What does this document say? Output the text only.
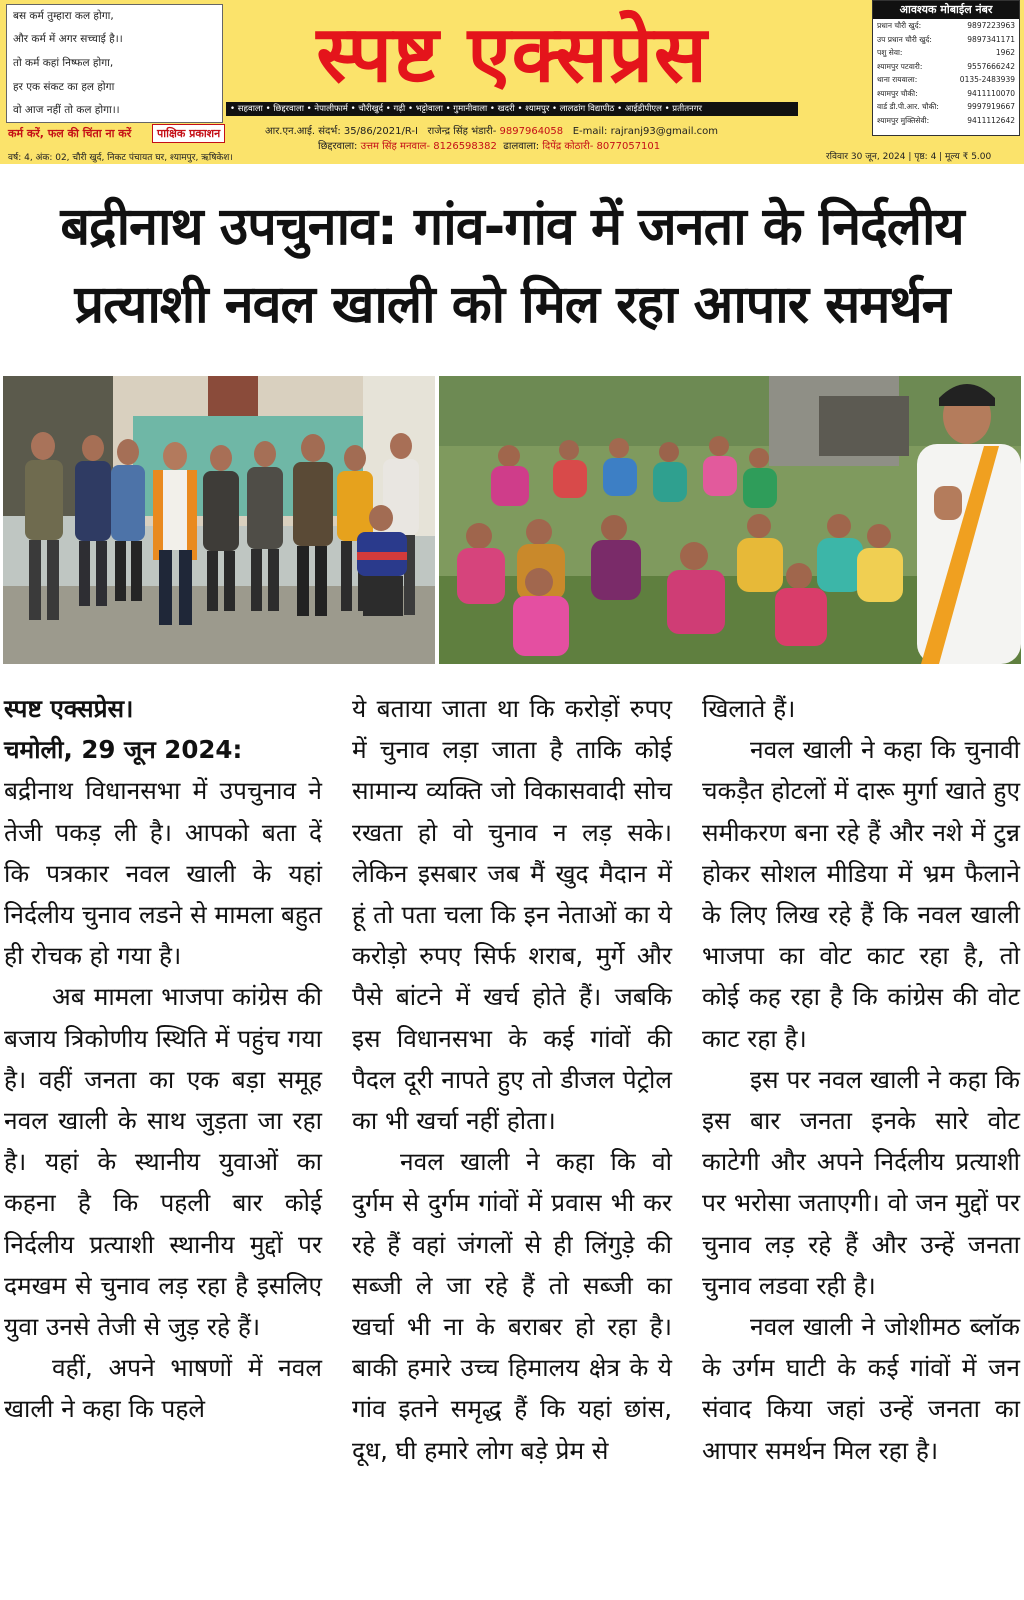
बस कर्म तुम्हारा कल होगा,
और कर्म में अगर सच्चाई है।।
तो कर्म कहां निष्फल होगा,
हर एक संकट का हल होगा
वो आज नहीं तो कल होगा।।
स्पष्ट एक्सप्रेस
• सहवाला • छिद्दरवाला • नेपालीफार्म • चौरीखुर्द • गढ़ी • भट्टोवाला • गुमानीवाला • खदरी • श्यामपुर • लालढांग विद्यापीठ • आईडीपीएल • प्रतीतनगर
कर्म करें, फल की चिंता ना करें	पाक्षिक प्रकाशन	आर.एन.आई. संदर्भ: 35/86/2021/R-I राजेन्द्र सिंह भंडारी- 9897964058 E-mail: rajranj93@gmail.com
छिद्दरवाला: उत्तम सिंह मनवाल- 8126598382 ढालवाला: दिपेंद्र कोठारी- 8077057101
वर्ष: 4, अंक: 02, चौरी खुर्द, निकट पंचायत घर, श्यामपुर, ऋषिकेश।	रविवार 30 जून, 2024 | पृष्ठ: 4 | मूल्य ₹ 5.00
आवश्यक मोबाईल नंबर
प्रधान चौरी खुर्द:	9897223963
उप प्रधान चौरी खुर्द:	9897341171
पशु सेवा:	1962
श्यामपुर पटवारी:	9557666242
थाना रायवाला:	0135-2483939
श्यामपुर चौकी:	9411110070
वार्ड डी.पी.आर. चौकी:	9997919667
श्यामपुर मुक्तिसेवी:	9411112642
बद्रीनाथ उपचुनाव: गांव-गांव में जनता के निर्दलीय
प्रत्याशी नवल खाली को मिल रहा आपार समर्थन

स्पष्ट एक्सप्रेस।

चमोली, 29 जून 2024:

बद्रीनाथ विधानसभा में उपचुनाव ने तेजी पकड़ ली है। आपको बता दें कि पत्रकार नवल खाली के यहां निर्दलीय चुनाव लडने से मामला बहुत ही रोचक हो गया है।

अब मामला भाजपा कांग्रेस की बजाय त्रिकोणीय स्थिति में पहुंच गया है। वहीं जनता का एक बड़ा समूह नवल खाली के साथ जुड़ता जा रहा है। यहां के स्थानीय युवाओं का कहना है कि पहली बार कोई निर्दलीय प्रत्याशी स्थानीय मुद्दों पर दमखम से चुनाव लड़ रहा है इसलिए युवा उनसे तेजी से जुड़ रहे हैं।

वहीं, अपने भाषणों में नवल खाली ने कहा कि पहले

ये बताया जाता था कि करोड़ों रुपए में चुनाव लड़ा जाता है ताकि कोई सामान्य व्यक्ति जो विकासवादी सोच रखता हो वो चुनाव न लड़ सके। लेकिन इसबार जब मैं खुद मैदान में हूं तो पता चला कि इन नेताओं का ये करोड़ो रुपए सिर्फ शराब, मुर्गे और पैसे बांटने में खर्च होते हैं। जबकि इस विधानसभा के कई गांवों की पैदल दूरी नापते हुए तो डीजल पेट्रोल का भी खर्चा नहीं होता।

नवल खाली ने कहा कि वो दुर्गम से दुर्गम गांवों में प्रवास भी कर रहे हैं वहां जंगलों से ही लिंगुड़े की सब्जी ले जा रहे हैं तो सब्जी का खर्चा भी ना के बराबर हो रहा है। बाकी हमारे उच्च हिमालय क्षेत्र के ये गांव इतने समृद्ध हैं कि यहां छांस, दूध, घी हमारे लोग बड़े प्रेम से

खिलाते हैं।

नवल खाली ने कहा कि चुनावी चकड़ैत होटलों में दारू मुर्गा खाते हुए समीकरण बना रहे हैं और नशे में टुन्न होकर सोशल मीडिया में भ्रम फैलाने के लिए लिख रहे हैं कि नवल खाली भाजपा का वोट काट रहा है, तो कोई कह रहा है कि कांग्रेस की वोट काट रहा है।

इस पर नवल खाली ने कहा कि इस बार जनता इनके सारे वोट काटेगी और अपने निर्दलीय प्रत्याशी पर भरोसा जताएगी। वो जन मुद्दों पर चुनाव लड़ रहे हैं और उन्हें जनता चुनाव लडवा रही है।

नवल खाली ने जोशीमठ ब्लॉक के उर्गम घाटी के कई गांवों में जन संवाद किया जहां उन्हें जनता का आपार समर्थन मिल रहा है।
